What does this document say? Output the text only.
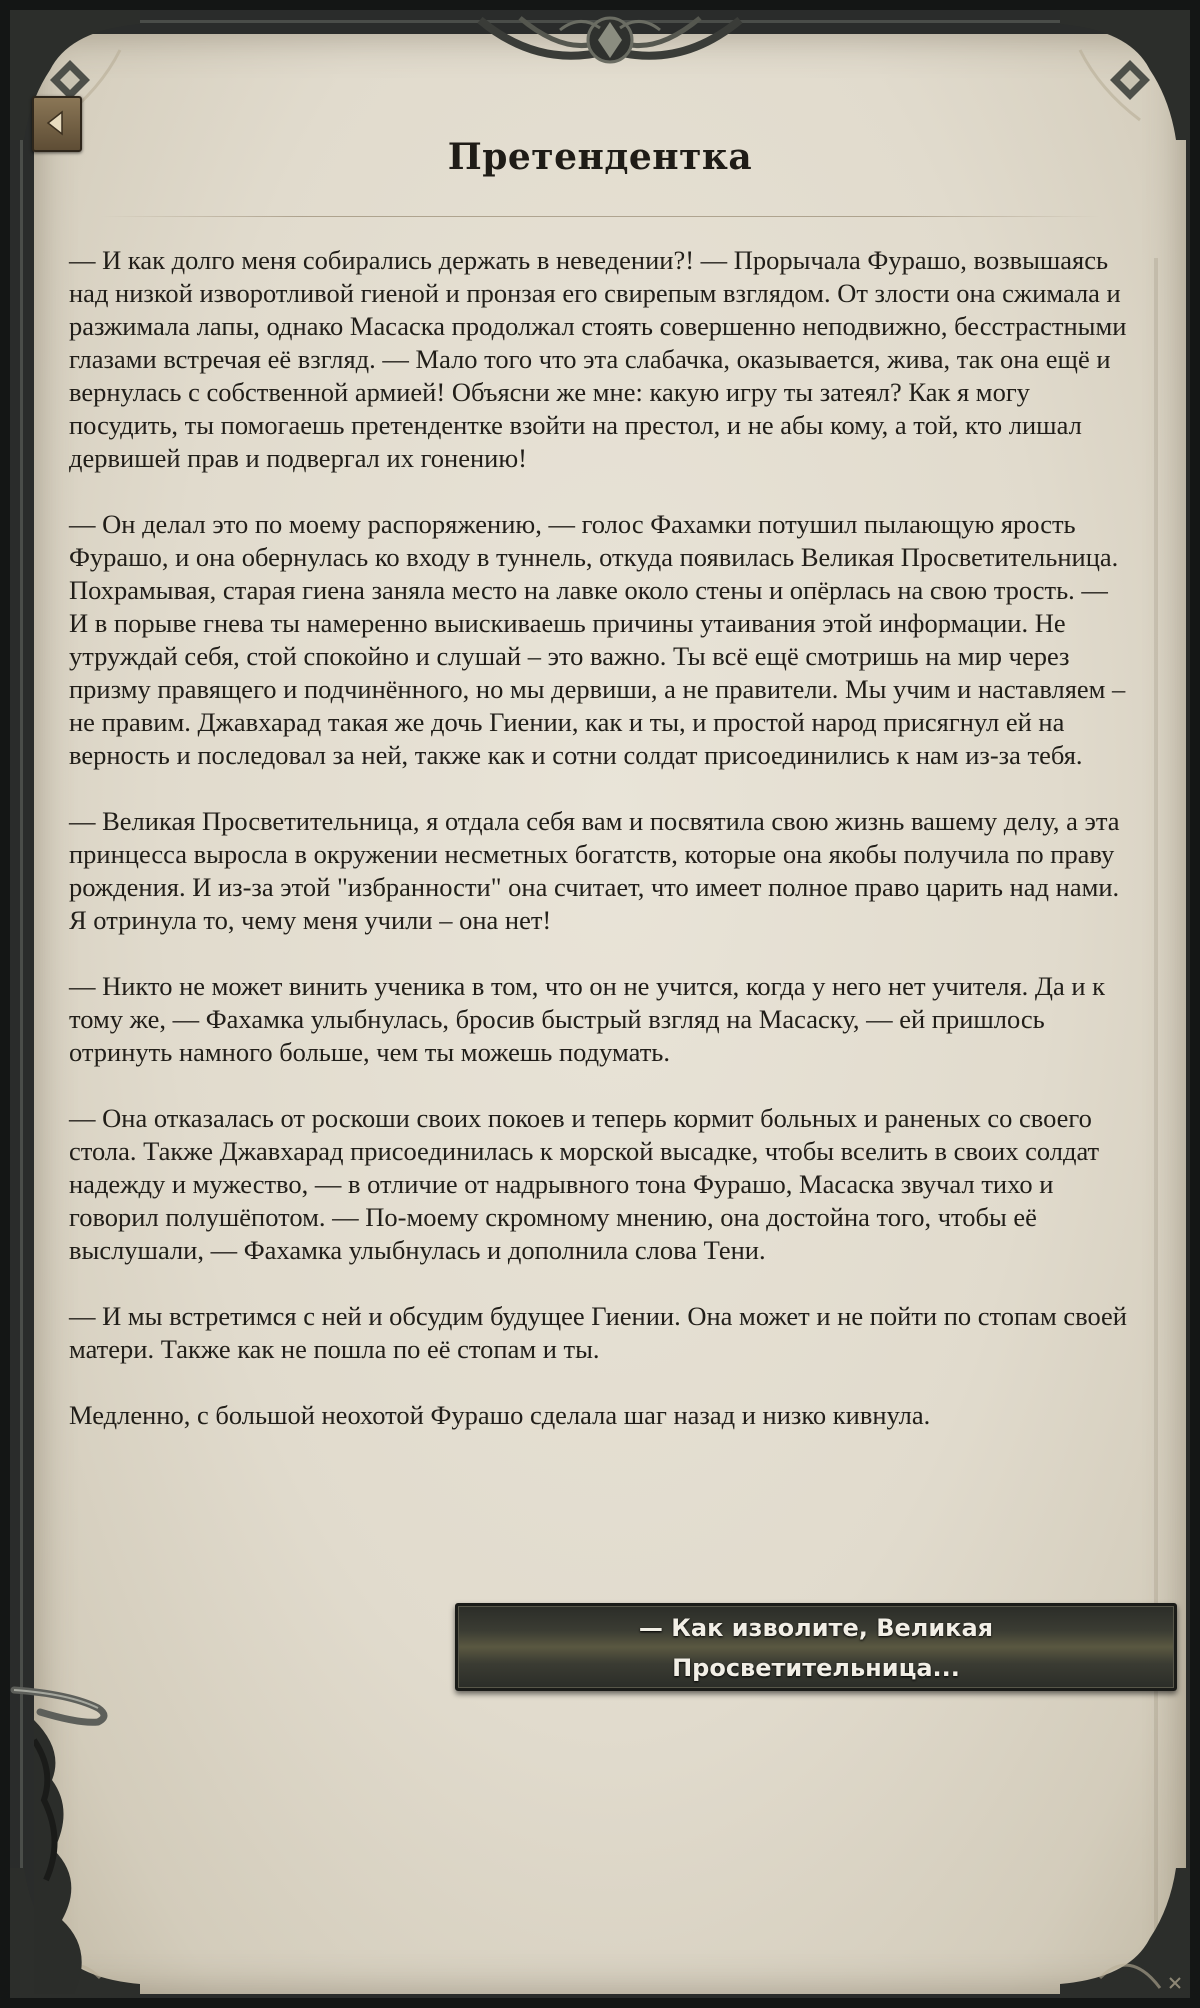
Претендентка

— И как долго меня собирались держать в неведении?! — Прорычала Фурашо, возвышаясь над низкой изворотливой гиеной и пронзая его свирепым взглядом. От злости она сжимала и разжимала лапы, однако Масаска продолжал стоять совершенно неподвижно, бесстрастными глазами встречая её взгляд. — Мало того что эта слабачка, оказывается, жива, так она ещё и вернулась с собственной армией! Объясни же мне: какую игру ты затеял? Как я могу посудить, ты помогаешь претендентке взойти на престол, и не абы кому, а той, кто лишал дервишей прав и подвергал их гонению!

— Он делал это по моему распоряжению, — голос Фахамки потушил пылающую ярость Фурашо, и она обернулась ко входу в туннель, откуда появилась Великая Просветительница. Похрамывая, старая гиена заняла место на лавке около стены и опёрлась на свою трость. — И в порыве гнева ты намеренно выискиваешь причины утаивания этой информации. Не утруждай себя, стой спокойно и слушай – это важно. Ты всё ещё смотришь на мир через призму правящего и подчинённого, но мы дервиши, а не правители. Мы учим и наставляем – не правим. Джавхарад такая же дочь Гиении, как и ты, и простой народ присягнул ей на верность и последовал за ней, также как и сотни солдат присоединились к нам из-за тебя.

— Великая Просветительница, я отдала себя вам и посвятила свою жизнь вашему делу, а эта принцесса выросла в окружении несметных богатств, которые она якобы получила по праву рождения. И из-за этой "избранности" она считает, что имеет полное право царить над нами. Я отринула то, чему меня учили – она нет!

— Никто не может винить ученика в том, что он не учится, когда у него нет учителя. Да и к тому же, — Фахамка улыбнулась, бросив быстрый взгляд на Масаску, — ей пришлось отринуть намного больше, чем ты можешь подумать.

— Она отказалась от роскоши своих покоев и теперь кормит больных и раненых со своего стола. Также Джавхарад присоединилась к морской высадке, чтобы вселить в своих солдат надежду и мужество, — в отличие от надрывного тона Фурашо, Масаска звучал тихо и говорил полушёпотом. — По-моему скромному мнению, она достойна того, чтобы её выслушали, — Фахамка улыбнулась и дополнила слова Тени.

— И мы встретимся с ней и обсудим будущее Гиении. Она может и не пойти по стопам своей матери. Также как не пошла по её стопам и ты.

Медленно, с большой неохотой Фурашо сделала шаг назад и низко кивнула.

— Как изволите, Великая
Просветительница...
